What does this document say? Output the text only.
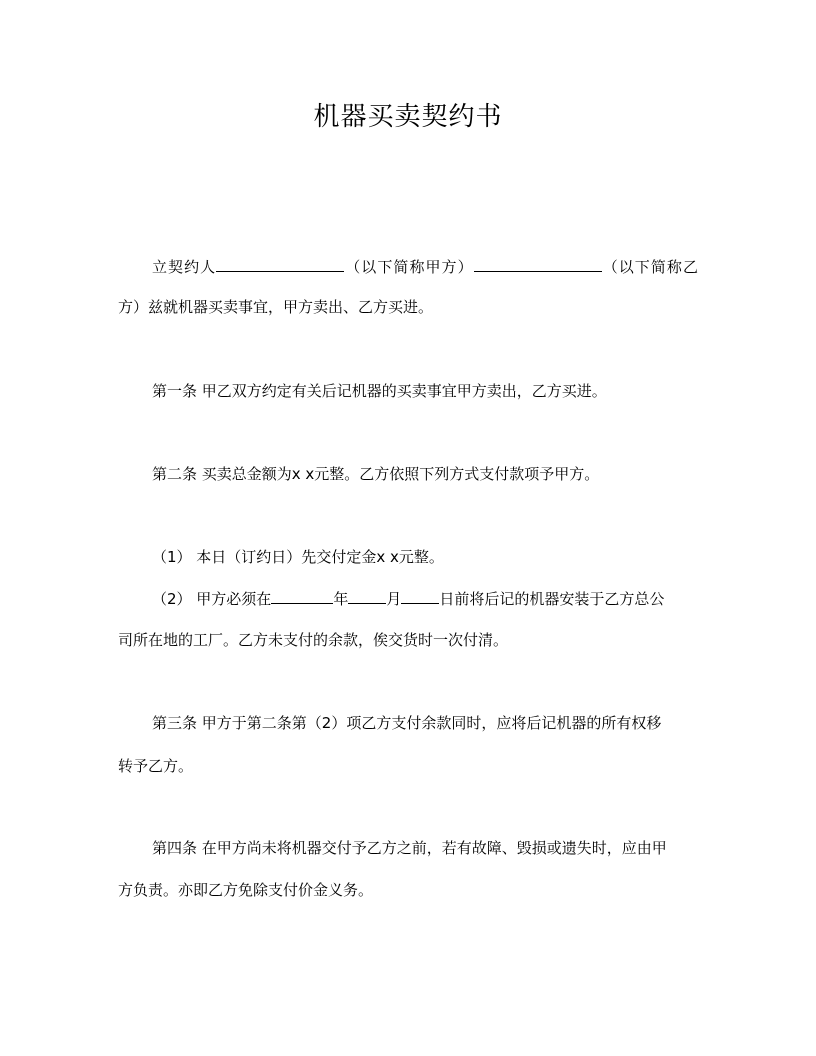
机器买卖契约书
立契约人	（以下简称甲方）	（以下简称乙
方）兹就机器买卖事宜，甲方卖出、乙方买进。
第一条 甲乙双方约定有关后记机器的买卖事宜甲方卖出，乙方买进。
第二条 买卖总金额为x x元整。乙方依照下列方式支付款项予甲方。
（1） 本日（订约日）先交付定金x x元整。
（2） 甲方必须在	年	月	日前将后记的机器安装于乙方总公
司所在地的工厂。乙方未支付的余款，俟交货时一次付清。
第三条 甲方于第二条第（2）项乙方支付余款同时，应将后记机器的所有权移
转予乙方。
第四条 在甲方尚未将机器交付予乙方之前，若有故障、毁损或遗失时，应由甲
方负责。亦即乙方免除支付价金义务。
